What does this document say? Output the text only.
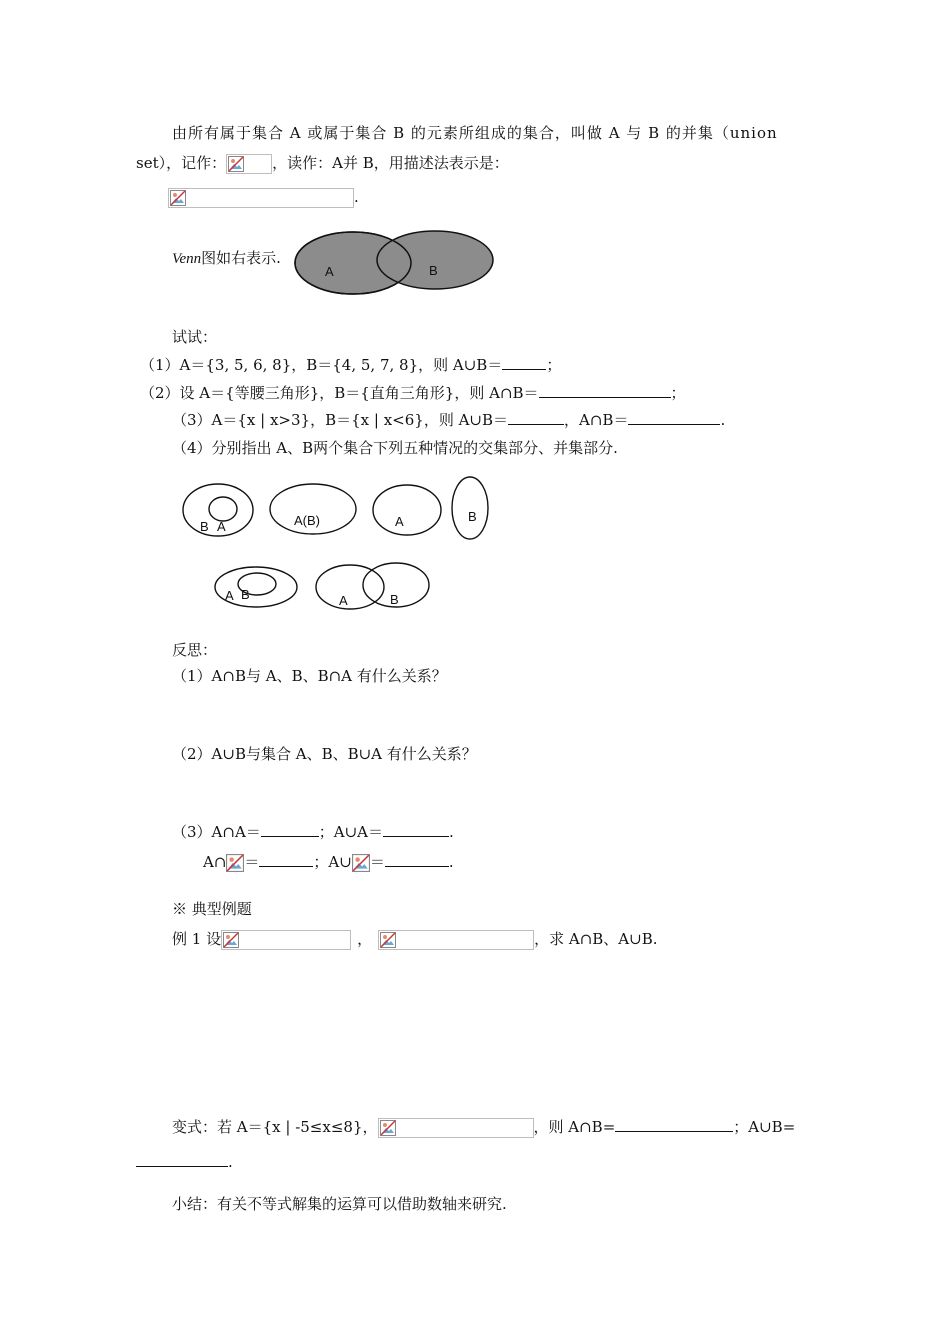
由所有属于集合 A 或属于集合 B 的元素所组成的集合，叫做 A 与 B 的并集（union
set），记作：	，读作：A并 B，用描述法表示是：
.
Venn图如右表示.
A	B
试试：
（1）A＝{3, 5, 6, 8}，B＝{4, 5, 7, 8}，则 A∪B＝	；
（2）设 A＝{等腰三角形}，B＝{直角三角形}，则 A∩B＝	；
（3）A＝{x | x>3}，B＝{x | x<6}，则 A∪B＝	，A∩B＝	.
（4）分别指出 A、B两个集合下列五种情况的交集部分、并集部分.
B A	A(B)	A	B
A B	A	B
反思：
（1）A∩B与 A、B、B∩A 有什么关系？
（2）A∪B与集合 A、B、B∪A 有什么关系？
（3）A∩A＝	；A∪A＝	.
A∩ ＝	；A∪ ＝	.
※ 典型例题
例 1 设	，	，求 A∩B、A∪B.
变式：若 A＝{x | -5≤x≤8}，	，则 A∩B=	；A∪B=
.
小结：有关不等式解集的运算可以借助数轴来研究.
